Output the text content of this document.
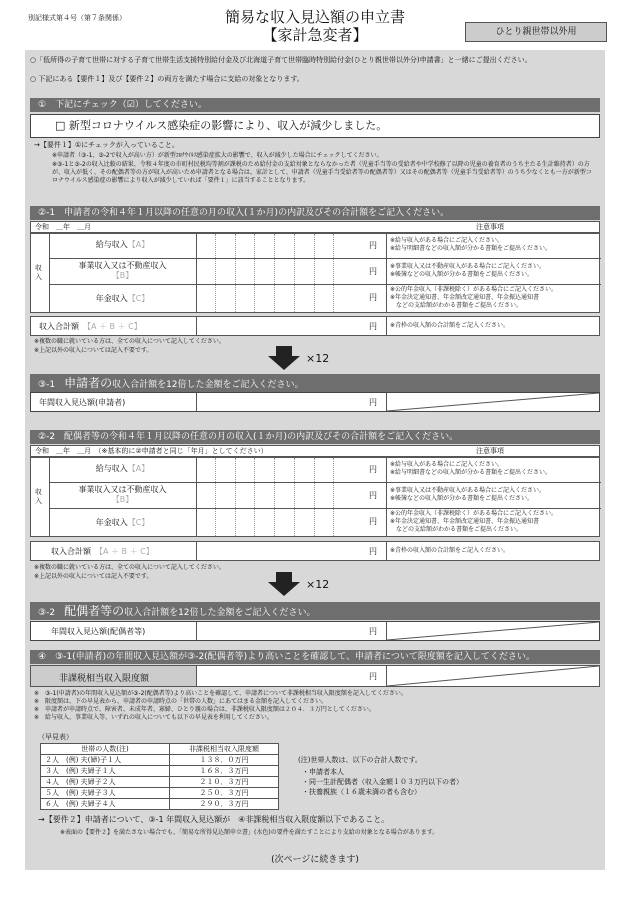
別記様式第４号（第７条関係）	簡易な収入見込額の申立書
【家計急変者】	ひとり親世帯以外用
○「低所得の子育て世帯に対する子育て世帯生活支援特別給付金及び北海道子育て世帯臨時特別給付金(ひとり親世帯以外分)申請書」と一緒にご提出ください。
○ 下記にある【要件１】及び【要件２】の両方を満たす場合に支給の対象となります。
①　下記にチェック（☑）してください。
□ 新型コロナウイルス感染症の影響により、収入が減少しました。
→【要件１】①にチェックが入っていること。
※申請者（③-1、③-2で収入が高い方）が新型ｺﾛﾅｳｲﾙｽ感染症拡大の影響で、収入が減少した場合にチェックしてください。
※③-1と③-2の収入比較の結果、令和４年度の市町村民税均等割が課税のため給付金の支給対象とならなかった者（児童手当等の受給者や中学校修了以降の児童の養育者のうち主たる生計維持者）の方が、収入が低く、その配偶者等の方が収入が高いため申請者となる場合は、家計として、申請者（児童手当受給者等の配偶者等）又はその配偶者等（児童手当受給者等）のうち少なくとも一方が新型コロナウイルス感染症の影響により収入が減少していれば「要件１」に該当することとなります。
②-1　申請者の令和４年１月以降の任意の月の収入(１か月)の内訳及びその合計額をご記入ください。
令和　＿年　＿月	注意事項
収入
給与収入【A】	円
※給与収入がある場合にご記入ください。
※給与明細書などの収入額が分かる書類をご提出ください。
事業収入又は不動産収入
【B】	円
※事業収入又は不動産収入がある場合にご記入ください。
※帳簿などの収入額が分かる書類をご提出ください。
年金収入【C】	円
※公的年金収入（非課税除く）がある場合にご記入ください。
※年金決定通知書、年金額改定通知書、年金振込通知書
　などの支給額がわかる書類をご提出ください。
収入合計額　 【A ＋ B ＋ C】	円 ※青枠の収入額の合計額をご記入ください。
※複数の職に就いている方は、全ての収入について記入してください。
※上記以外の収入については記入不要です。
×12
③-1　 申請者の収入合計額を12倍した金額をご記入ください。
年間収入見込額(申請者)	円
②-2　配偶者等の令和４年１月以降の任意の月の収入(１か月)の内訳及びその合計額をご記入ください。
令和　＿年　＿月　（※基本的に②申請者と同じ「年月」としてください）	注意事項
収入
給与収入【A】	円
※給与収入がある場合にご記入ください。
※給与明細書などの収入額が分かる書類をご提出ください。
事業収入又は不動産収入
【B】	円
※事業収入又は不動産収入がある場合にご記入ください。
※帳簿などの収入額が分かる書類をご提出ください。
年金収入【C】	円
※公的年金収入（非課税除く）がある場合にご記入ください。
※年金決定通知書、年金額改定通知書、年金振込通知書
　などの支給額がわかる書類をご提出ください。
収入合計額　 【A ＋ B ＋ C】	円 ※青枠の収入額の合計額をご記入ください。
※複数の職に就いている方は、全ての収入について記入してください。
※上記以外の収入については記入不要です。
×12
③-2　 配偶者等の収入合計額を12倍した金額をご記入ください。
年間収入見込額(配偶者等)	円
④　③-1(申請者)の年間収入見込額が③-2(配偶者等)より高いことを確認して、申請者について限度額を記入してください。
非課税相当収入限度額	円
※　③-1(申請者)の年間収入見込額が③-2(配偶者等)より高いことを確認して、申請者について非課税相当収入限度額を記入してください。
※　限度額は、下の早見表から、申請者の申請時点の「世帯の人数」にあてはまる金額を記入してください。
※　申請者が申請時点で、障害者、未成年者、寡婦、ひとり親の場合は、非課税収入限度額は２０４．３万円としてください。
※　給与収入、事業収入等、いずれの収入についても以下の早見表を利用してください。
（早見表）
世帯の人数(注)	非課税相当収入限度額
２人　(例) 夫(婦)子１人	１３８．０万円
３人　(例) 夫婦子１人	１６８．３万円
４人　(例) 夫婦子２人	２１０．３万円
５人　(例) 夫婦子３人	２５０．３万円
６人　(例) 夫婦子４人	２９０．３万円
(注)世帯人数は、以下の合計人数です。
・申請者本人
・同一生計配偶者（収入金額１０３万円以下の者）
・扶養親族（１６歳未満の者も含む）
→【要件２】申請者について、③-1 年間収入見込額が　④非課税相当収入限度額以下であること。
※表面の【要件２】を満たさない場合でも、「簡易な所得見込額申立書」(水色)の要件を満たすことにより支給の対象となる場合があります。
(次ページに続きます)
